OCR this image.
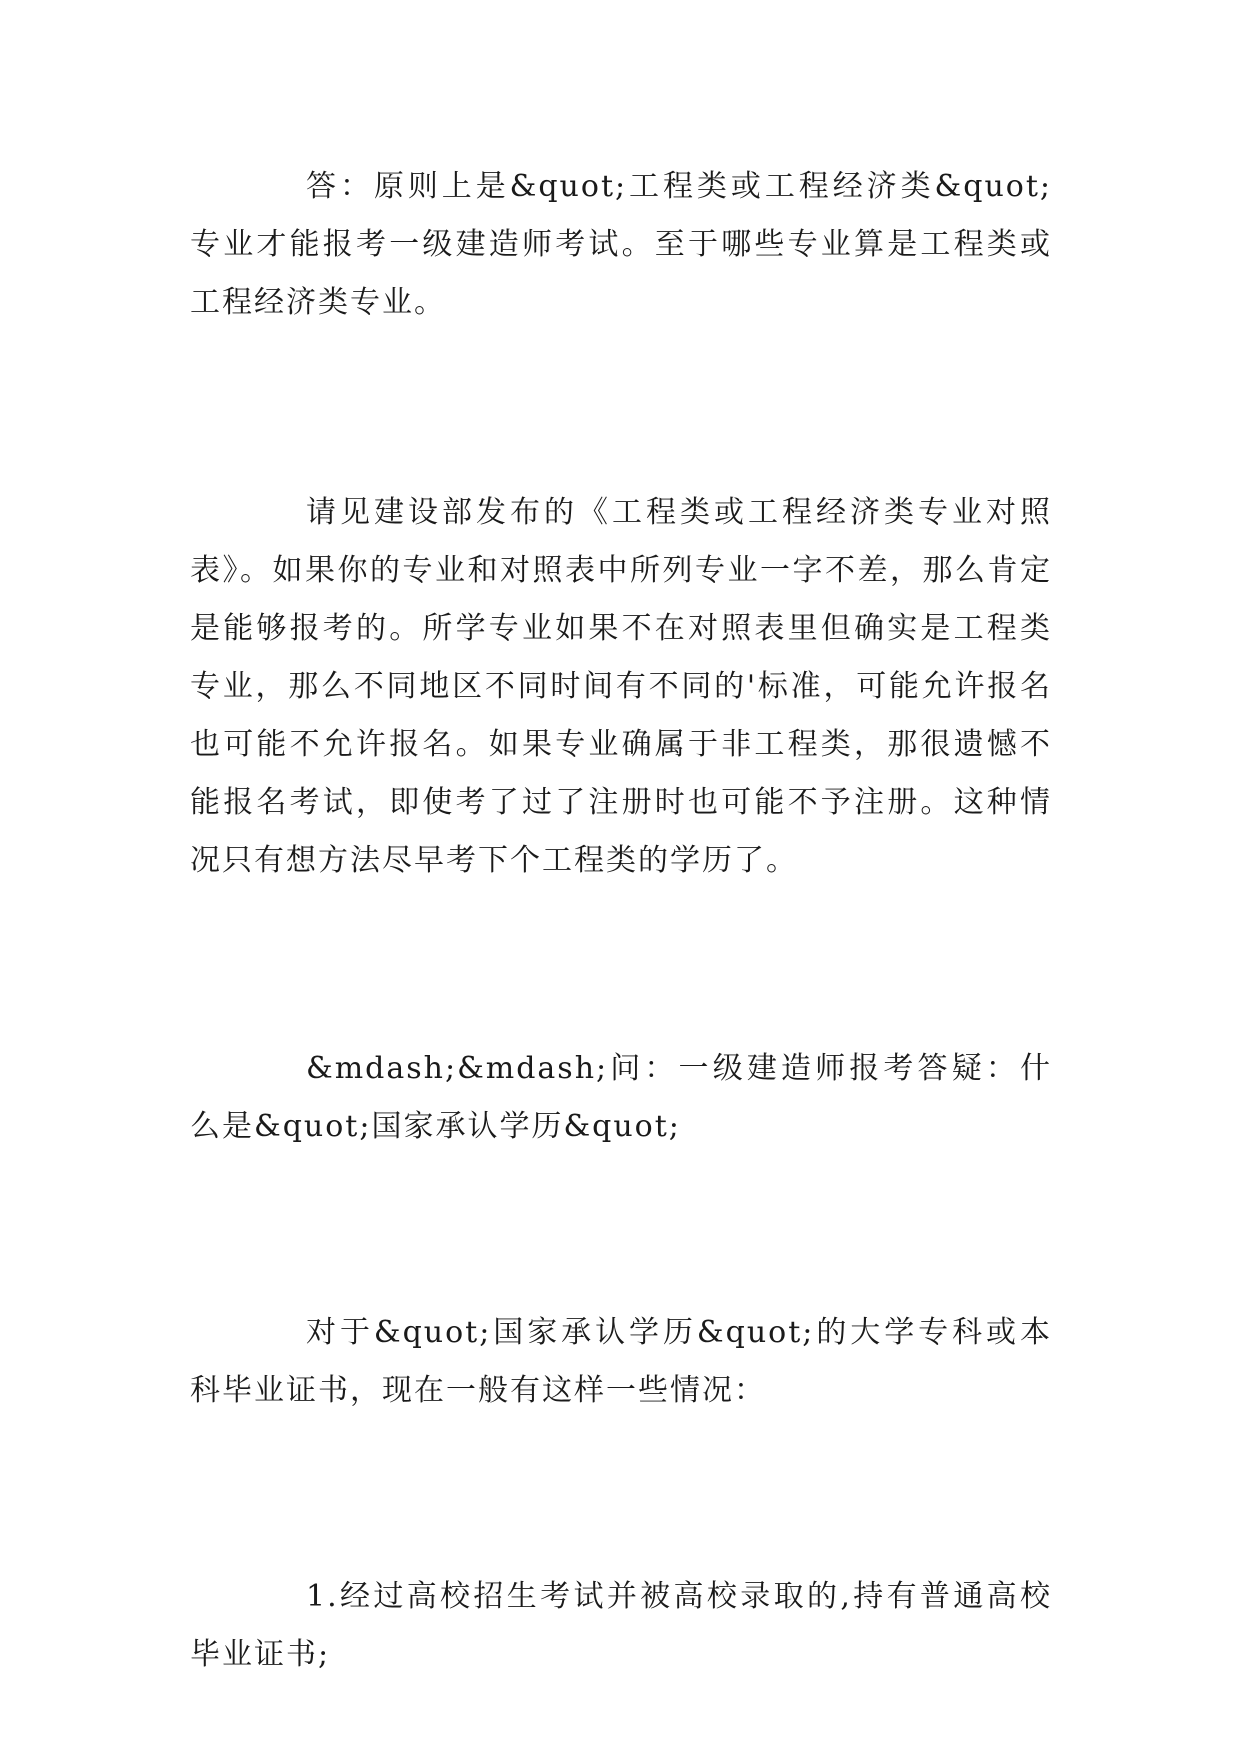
答：原则上是&quot;工程类或工程经济类&quot;专业才能报考一级建造师考试。至于哪些专业算是工程类或工程经济类专业。

请见建设部发布的《工程类或工程经济类专业对照表》。如果你的专业和对照表中所列专业一字不差，那么肯定是能够报考的。所学专业如果不在对照表里但确实是工程类专业，那么不同地区不同时间有不同的'标准，可能允许报名也可能不允许报名。如果专业确属于非工程类，那很遗憾不能报名考试，即使考了过了注册时也可能不予注册。这种情况只有想方法尽早考下个工程类的学历了。

&mdash;&mdash;问：一级建造师报考答疑：什么是&quot;国家承认学历&quot;

对于&quot;国家承认学历&quot;的大学专科或本科毕业证书，现在一般有这样一些情况：

1.经过高校招生考试并被高校录取的,持有普通高校毕业证书;
